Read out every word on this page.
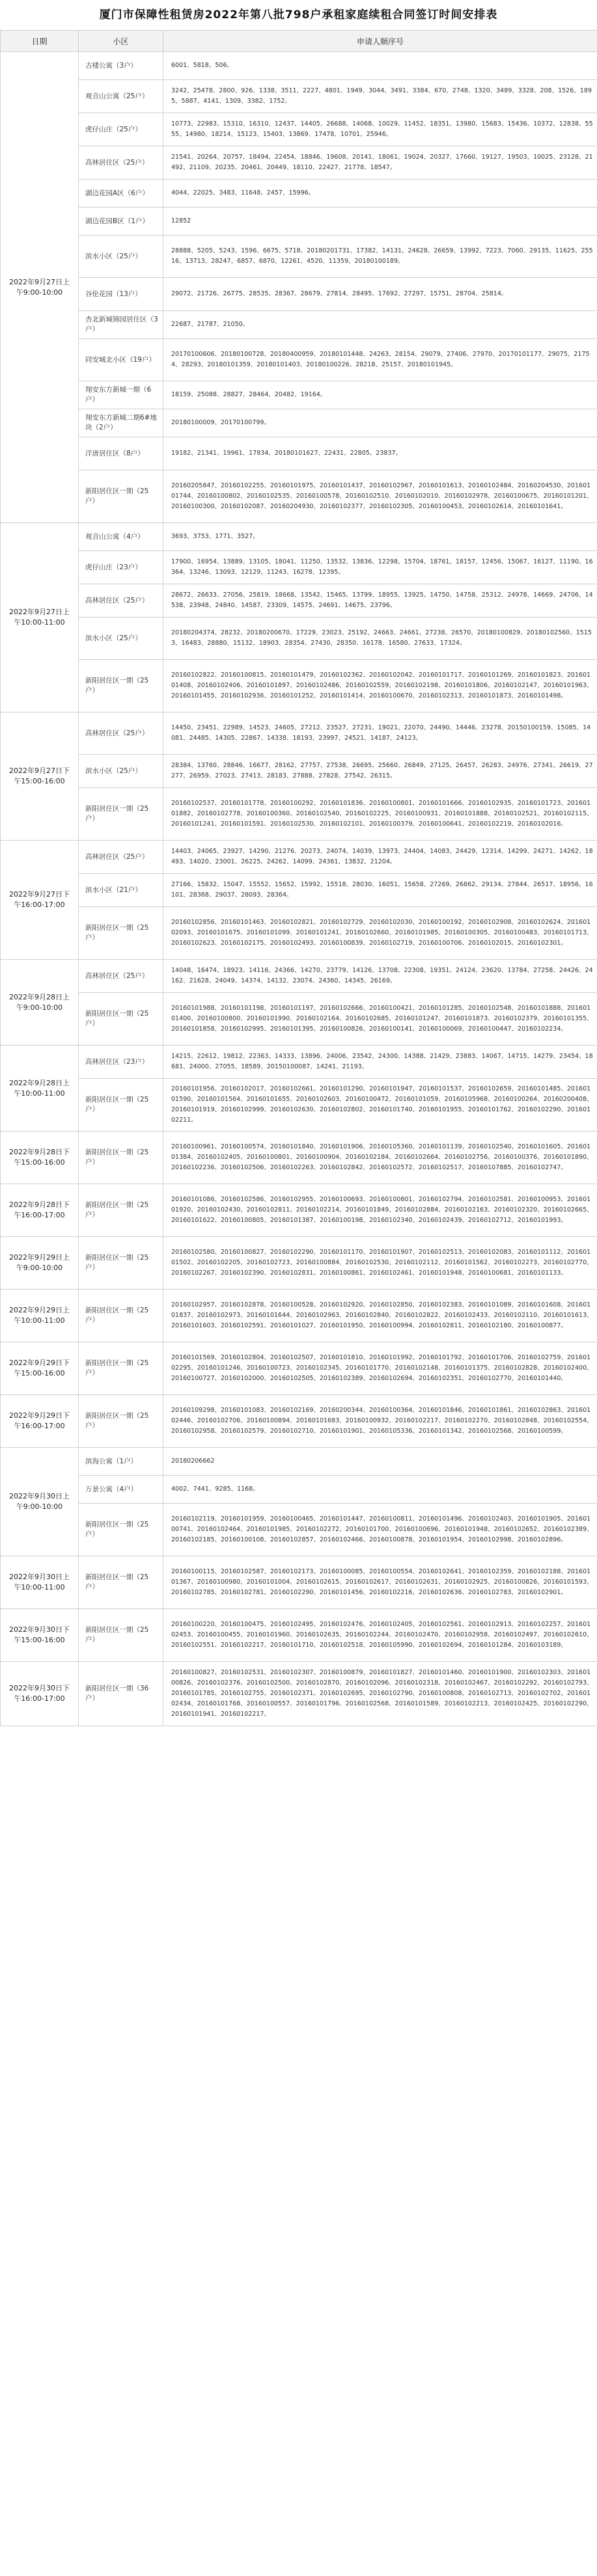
厦门市保障性租赁房2022年第八批798户承租家庭续租合同签订时间安排表
日期	小区	申请人顺序号
2022年9月27日上午9:00-10:00	古楼公寓（3户）	6001、5818、506。
	观音山公寓（25户）	3242、25478、2800、926、1338、3511、2227、4801、1949、3044、3491、3384、670、2748、1320、3489、3328、208、1526、1895、5887、4141、1309、3382、1752。
	虎仔山庄（25户）	10773、22983、15310、16310、12437、14405、26688、14068、10029、11452、18351、13980、15683、15436、10372、12838、5555、14980、18214、15123、15403、13869、17478、10701、25946。
	高林居住区（25户）	21541、20264、20757、18494、22454、18846、19608、20141、18061、19024、20327、17660、19127、19503、10025、23128、21492、21109、20235、20461、20449、18110、22427、21778、18547。
	湖边花园A区（6户）	4044、22025、3483、11648、2457、15996。
	湖边花园B区（1户）	12852
	滨水小区（25户）	28888、5205、5243、1596、6675、5718、20180201731、17382、14131、24628、26659、13992、7223、7060、29135、11625、25516、13713、28247、6857、6870、12261、4520、11359、20180100189。
	谷伦花园（13户）	29072、21726、26775、28535、28367、28679、27814、28495、17692、27297、15751、28704、25814。
	杏北新城锦园居住区（3户）	22687、21787、21050。
	同安城北小区（19户）	20170100606、20180100728、20180400959、20180101448、24263、28154、29079、27406、27970、20170101177、29075、21754、28293、20180101359、20180101403、20180100226、28218、25157、20180101945。
	翔安东方新城一期（6户）	18159、25088、28827、28464、20482、19164。
	翔安东方新城二期6#地块（2户）	20180100009、20170100799。
	洋唐居住区（8户）	19182、21341、19961、17834、20180101627、22431、22805、23837。
	新阳居住区一期（25户）	20160205847、20160102255、20160101975、20160101437、20160102967、20160101613、20160102484、20160204530、20160101744、20160100802、20160102535、20160100578、20160102510、20160102010、20160102978、20160100675、20160101201、20160100300、20160102087、20160204930、20160102377、20160102305、20160100453、20160102614、20160101641。
2022年9月27日上午10:00-11:00	观音山公寓（4户）	3693、3753、1771、3527。
	虎仔山庄（23户）	17900、16954、13889、13105、18041、11250、13532、13836、12298、15704、18761、18157、12456、15067、16127、11190、16364、13246、13093、12129、11243、16278、12395。
	高林居住区（25户）	28672、26633、27056、25819、18668、13542、15465、13799、18955、13925、14750、14758、25312、24978、14669、24706、14538、23948、24840、14587、23309、14575、24691、14675、23796。
	滨水小区（25户）	20180204374、28232、20180200670、17229、23023、25192、24663、24661、27238、26570、20180100829、20180102560、15153、16483、28880、15132、18903、28354、27430、28350、16178、16580、27633、17324。
	新阳居住区一期（25户）	20160102822、20160100815、20160101479、20160102362、20160102042、20160101717、20160101269、20160101823、20160101408、20160102406、20160101897、20160102486、20160102559、20160102198、20160101806、20160102147、20160101963、20160101455、20160102936、20160101252、20160101414、20160100670、20160102313、20160101873、20160101498。
2022年9月27日下午15:00-16:00	高林居住区（25户）	14450、23451、22989、14523、24605、27212、23527、27231、19021、22070、24490、14446、23278、20150100159、15085、14081、24485、14305、22867、14338、18193、23997、24521、14187、24123。
	滨水小区（25户）	28384、13760、28846、16677、28162、27757、27538、26695、25660、26849、27125、26457、26283、24976、27341、26619、27277、26959、27023、27413、28183、27888、27828、27542、26315。
	新阳居住区一期（25户）	20160102537、20160101778、20160100292、20160101836、20160100801、20160101666、20160102935、20160101723、20160101882、20160102778、20160100360、20160102540、20160102225、20160100931、20160101888、20160102521、20160102115、20160101241、20160101591、20160102530、20160102101、20160100379、20160100641、20160102219、20160102016。
2022年9月27日下午16:00-17:00	高林居住区（25户）	14403、24065、23927、14290、21276、20273、24074、14039、13973、24404、14083、24429、12314、14299、24271、14262、18493、14020、23001、26225、24262、14099、24361、13832、21204。
	滨水小区（21户）	27166、15832、15047、15552、15652、15992、15518、28030、16051、15658、27269、26862、29134、27844、26517、18956、16101、28368、29037、28093、28364。
	新阳居住区一期（25户）	20160102856、20160101463、20160102821、20160102729、20160102030、20160100192、20160102908、20160102624、20160102093、20160101675、20160101099、20160101241、20160102660、20160101985、20160100305、20160100483、20160101713、20160102623、20160102175、20160102493、20160100839、20160102719、20160100706、20160102015、20160102301。
2022年9月28日上午9:00-10:00	高林居住区（25户）	14048、16474、18923、14116、24366、14270、23779、14126、13708、22308、19351、24124、23620、13784、27258、24426、24162、21628、24049、14374、14132、23074、24360、14345、26169。
	新阳居住区一期（25户）	20160101988、20160101198、20160101197、20160102666、20160100421、20160101285、20160102548、20160101888、20160101400、20160100800、20160101990、20160102164、20160102685、20160101247、20160101873、20160102379、20160101355、20160101858、20160102995、20160101395、20160100826、20160100141、20160100069、20160100447、20160102234。
2022年9月28日上午10:00-11:00	高林居住区（23户）	14215、22612、19812、22363、14333、13896、24006、23542、24300、14388、21429、23883、14067、14715、14279、23454、18681、24000、27055、18589、20150100087、14241、21193。
	新阳居住区一期（25户）	20160101956、20160102017、20160102661、20160101290、20160101947、20160101537、20160102659、20160101485、20160101590、20160101564、20160101655、20160102603、20160100472、20160101059、20160105968、20160100264、20160200408、20160101919、20160102999、20160102630、20160102802、20160101740、20160101955、20160101762、20160102290、20160102211。
2022年9月28日下午15:00-16:00	新阳居住区一期（25户）	20160100961、20160100574、20160101840、20160101906、20160105360、20160101139、20160102540、20160101605、20160101384、20160102405、20160100801、20160100904、20160102184、20160102664、20160102756、20160100376、20160101890、20160102236、20160102506、20160102263、20160102842、20160102572、20160102517、20160107885、20160102747。
2022年9月28日下午16:00-17:00	新阳居住区一期（25户）	20160101086、20160102586、20160102955、20160100693、20160100801、20160102794、20160102581、20160100953、20160101920、20160102430、20160102811、20160102214、20160101849、20160102884、20160102163、20160102320、20160102665、20160101622、20160100805、20160101387、20160100198、20160102340、20160102439、20160102712、20160101993。
2022年9月29日上午9:00-10:00	新阳居住区一期（25户）	20160102580、20160100827、20160102290、20160101170、20160101907、20160102513、20160102083、20160101112、20160101502、20160102205、20160102723、20160100884、20160102530、20160102112、20160101562、20160102273、20160102770、20160102267、20160102390、20160102831、20160100861、20160102461、20160101948、20160100681、20160101133。
2022年9月29日上午10:00-11:00	新阳居住区一期（25户）	20160102957、20160102878、20160100528、20160102920、20160102850、20160102383、20160101089、20160101608、20160101837、20160102973、20160101644、20160102963、20160102840、20160102822、20160102433、20160102110、20160101613、20160101603、20160102591、20160101027、20160101950、20160100994、20160102811、20160102180、20160100877。
2022年9月29日下午15:00-16:00	新阳居住区一期（25户）	20160101569、20160102804、20160102507、20160101810、20160101992、20160101792、20160101706、20160102759、20160102295、20160101246、20160100723、20160102345、20160101770、20160102148、20160101375、20160102828、20160102400、20160100727、20160102000、20160102505、20160102389、20160102694、20160102351、20160102770、20160101440。
2022年9月29日下午16:00-17:00	新阳居住区一期（25户）	20160109298、20160101083、20160102169、20160200344、20160100364、20160101846、20160101861、20160102863、20160102446、20160102706、20160100894、20160101683、20160100932、20160102217、20160102270、20160102848、20160102554、20160102958、20160102579、20160102710、20160101901、20160105336、20160101342、20160102568、20160100599。
2022年9月30日上午9:00-10:00	滨海公寓（1户）	20180206662
	万景公寓（4户）	4002、7441、9285、1168。
	新阳居住区一期（25户）	20160102119、20160101959、20160100465、20160101447、20160100811、20160101496、20160102403、20160101905、20160100741、20160102464、20160101985、20160102272、20160101700、20160100696、20160101948、20160102652、20160102389、20160102185、20160100108、20160102857、20160102466、20160100878、20160101954、20160102998、20160102896。
2022年9月30日上午10:00-11:00	新阳居住区一期（25户）	20160100115、20160102587、20160102173、20160100085、20160100554、20160102641、20160102359、20160102188、20160101367、20160100980、20160101004、20160102615、20160102617、20160102631、20160102925、20160100826、20160101593、20160102785、20160102781、20160102290、20160101456、20160102216、20160102636、20160102783、20160102901。
2022年9月30日下午15:00-16:00	新阳居住区一期（25户）	20160100220、20160100475、20160102495、20160102476、20160102405、20160102561、20160102913、20160102257、20160102453、20160100455、20160101960、20160102635、20160102244、20160102470、20160102958、20160102497、20160102610、20160102551、20160102217、20160101710、20160102518、20160105990、20160102694、20160101284、20160103189。
2022年9月30日下午16:00-17:00	新阳居住区一期（36户）	20160100827、20160102531、20160102307、20160100879、20160101827、20160101460、20160101900、20160102303、20160100826、20160102376、20160102500、20160102870、20160102096、20160102318、20160102467、20160102292、20160102793、20160101785、20160102755、20160102371、20160102695、20160102790、20160100808、20160102713、20160102702、20160102434、20160101768、20160100557、20160101796、20160102568、20160101589、20160102213、20160102425、20160102290、20160101941、20160102217。
